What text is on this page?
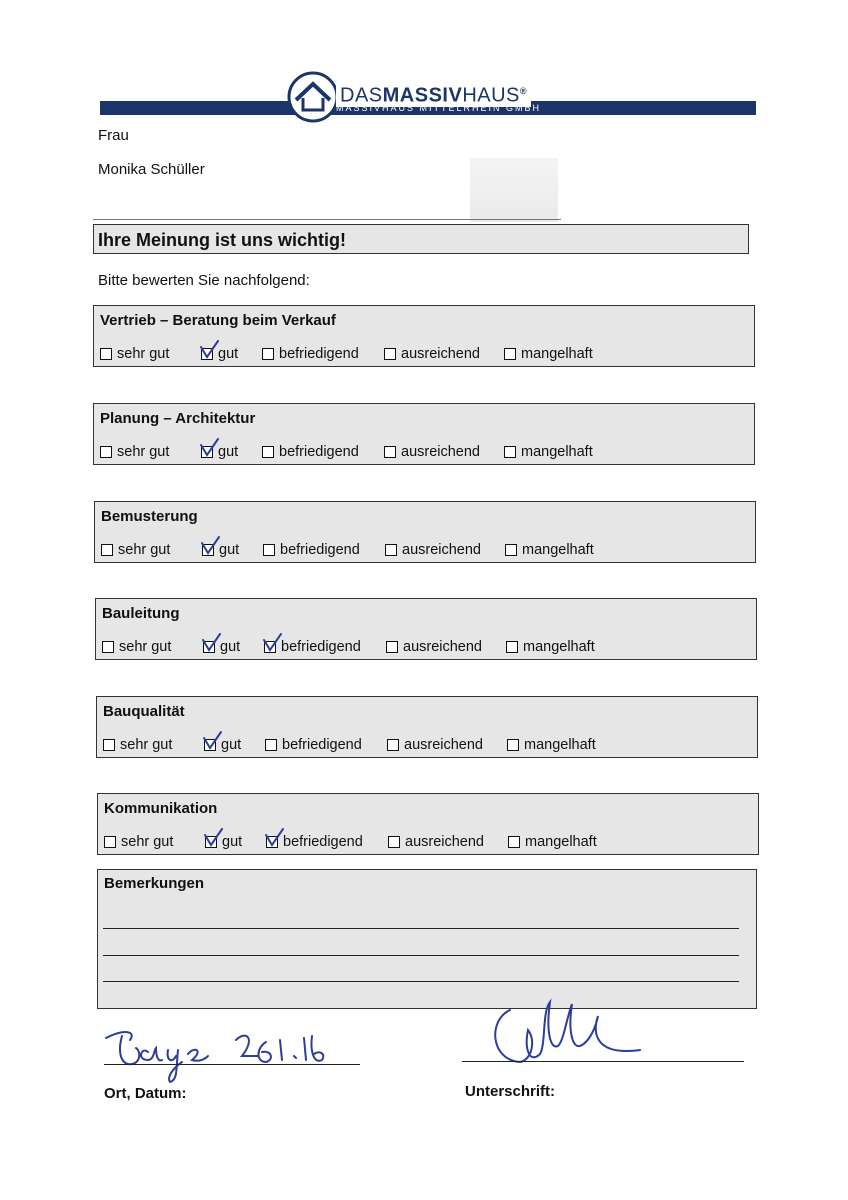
DASMASSIVHAUS®
MASSIVHAUS MITTELRHEIN GMBH
Frau
Monika Schüller
Ihre Meinung ist uns wichtig!
Bitte bewerten Sie nachfolgend:
Vertrieb – Beratung beim Verkauf
sehr gut	gut	befriedigend	ausreichend	mangelhaft
Planung – Architektur
sehr gut	gut	befriedigend	ausreichend	mangelhaft
Bemusterung
sehr gut	gut	befriedigend	ausreichend	mangelhaft
Bauleitung
sehr gut	gut	befriedigend	ausreichend	mangelhaft
Bauqualität
sehr gut	gut	befriedigend	ausreichend	mangelhaft
Kommunikation
sehr gut	gut	befriedigend	ausreichend	mangelhaft
Bemerkungen
Ort, Datum:	Unterschrift:
